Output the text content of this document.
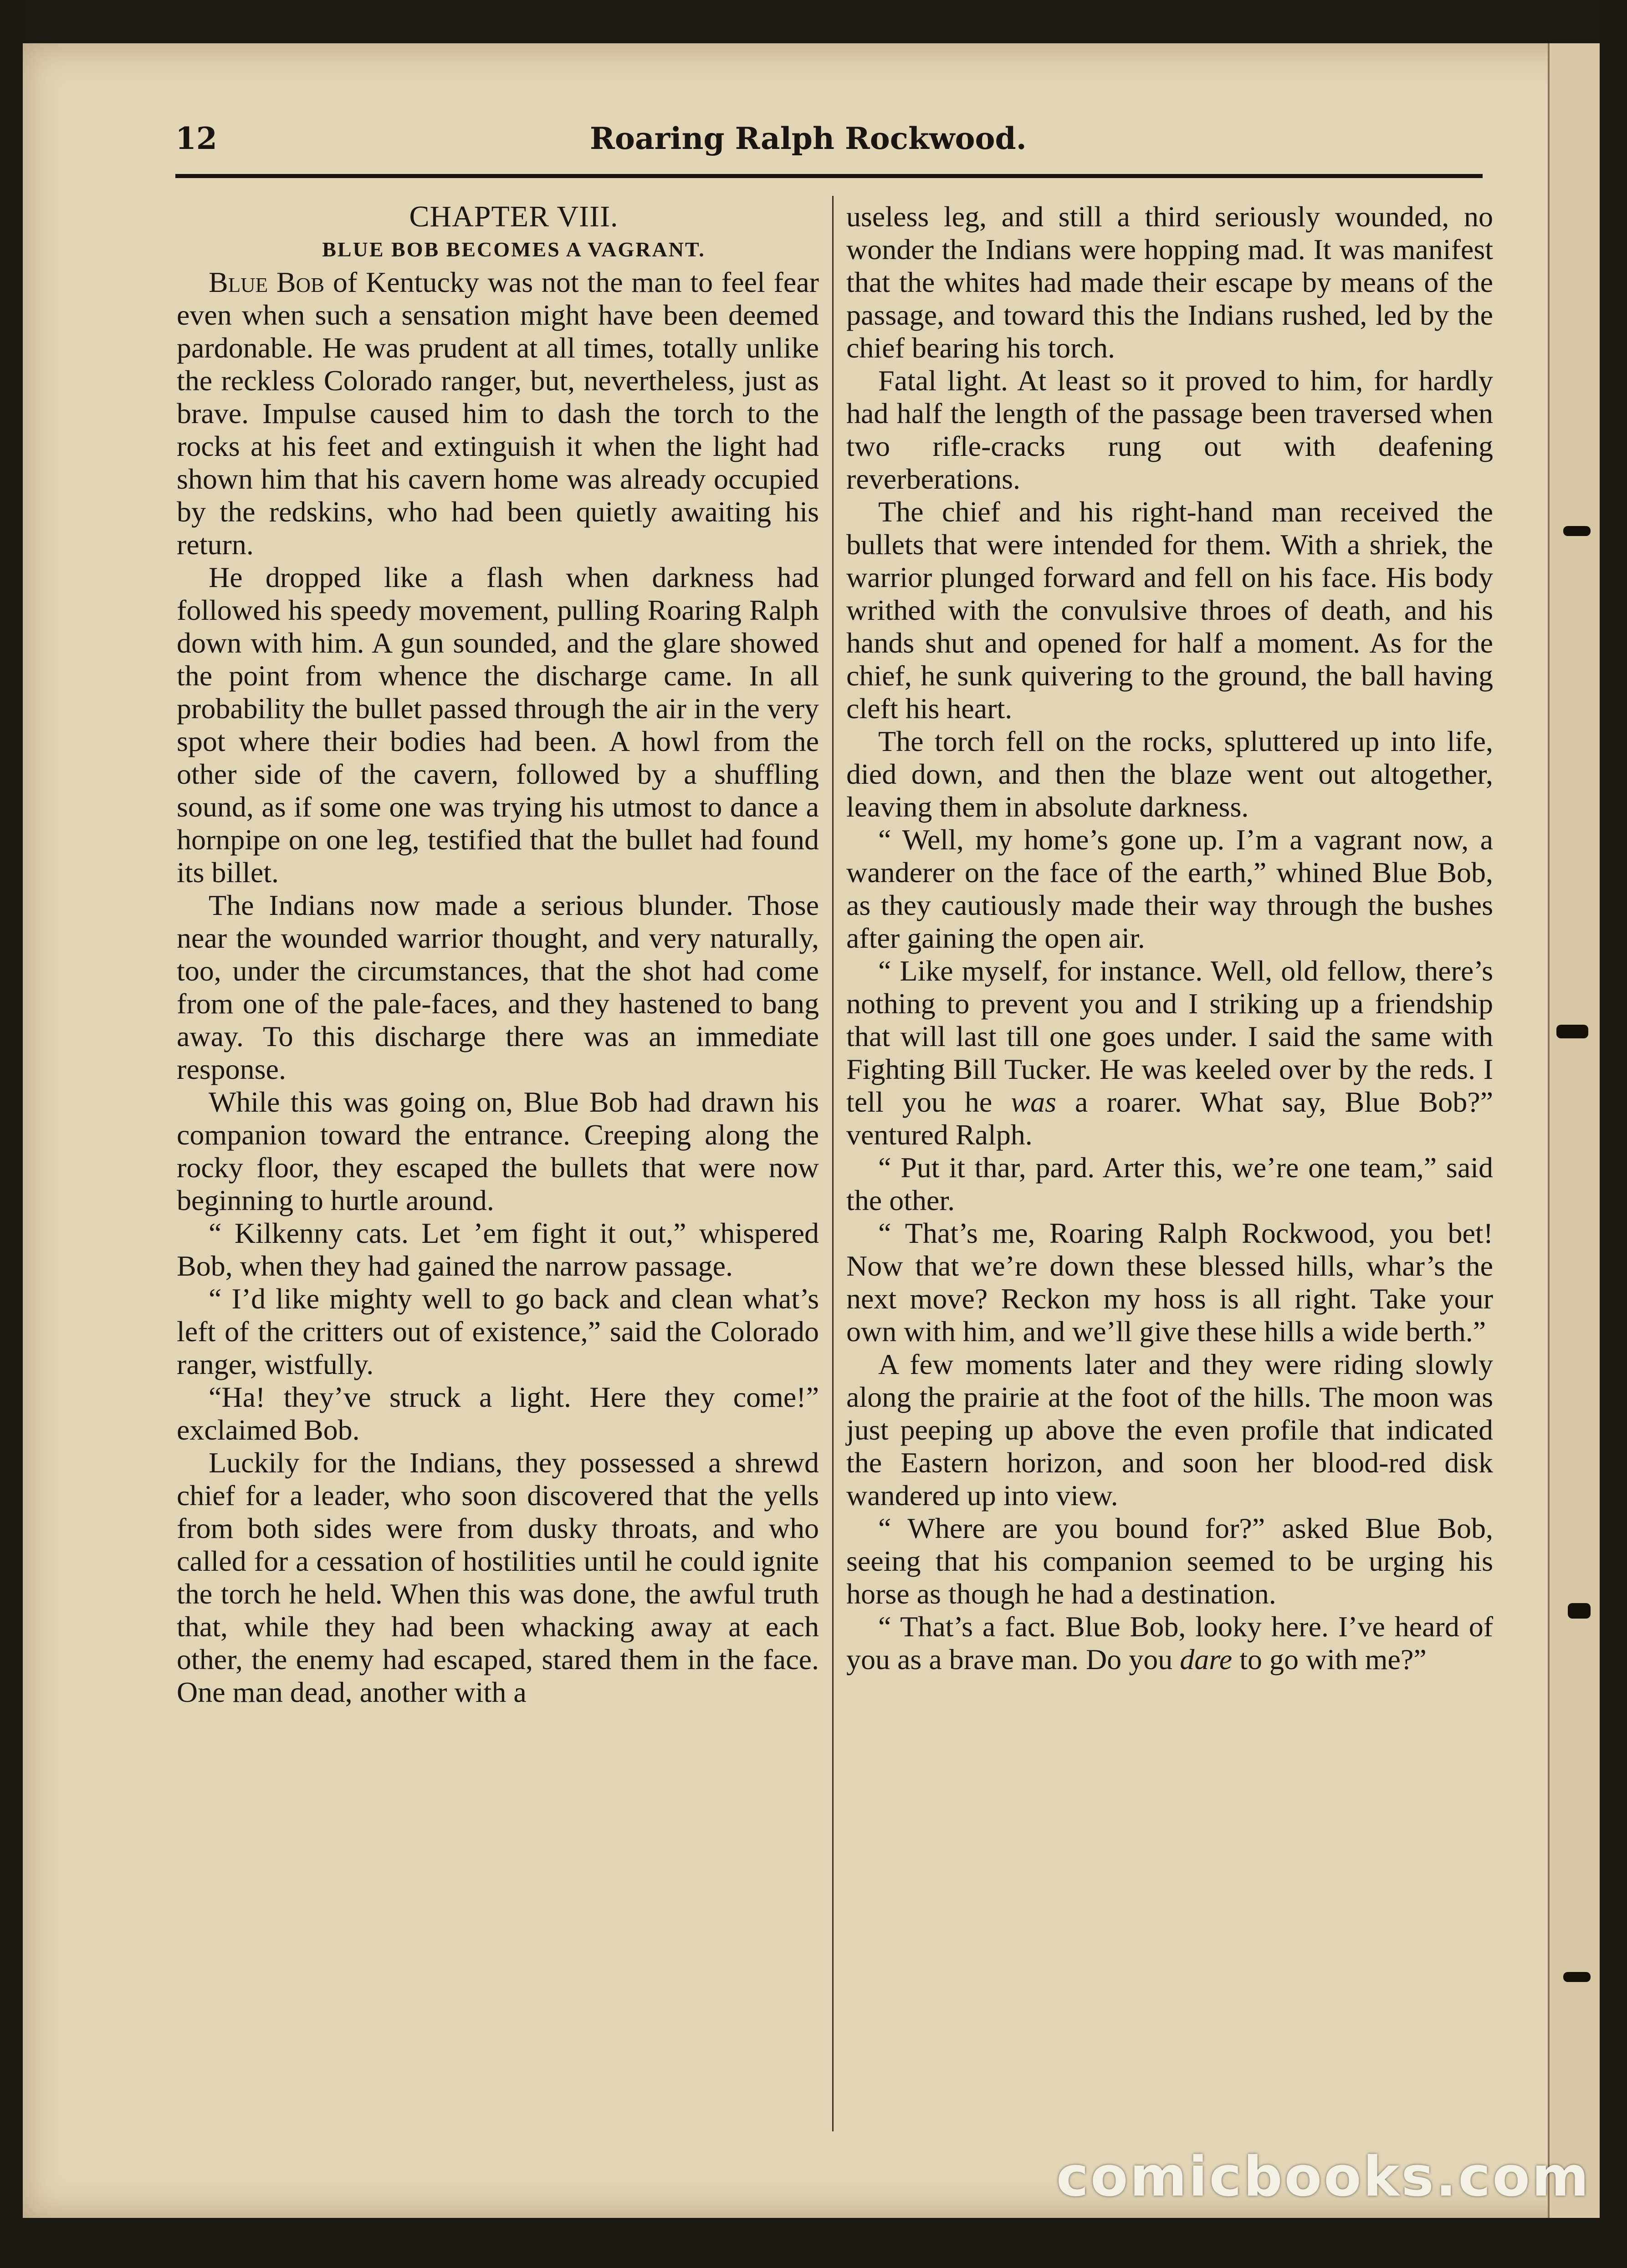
12	Roaring Ralph Rockwood.

CHAPTER VIII.

BLUE BOB BECOMES A VAGRANT.

Blue Bob of Kentucky was not the man to feel fear even when such a sensation might have been deemed pardonable. He was prudent at all times, totally unlike the reckless Colorado ranger, but, nevertheless, just as brave. Impulse caused him to dash the torch to the rocks at his feet and extinguish it when the light had shown him that his cavern home was already occupied by the redskins, who had been quietly awaiting his return.

He dropped like a flash when darkness had followed his speedy movement, pulling Roaring Ralph down with him. A gun sounded, and the glare showed the point from whence the discharge came. In all probability the bullet passed through the air in the very spot where their bodies had been. A howl from the other side of the cavern, followed by a shuffling sound, as if some one was trying his utmost to dance a hornpipe on one leg, testified that the bullet had found its billet.

The Indians now made a serious blunder. Those near the wounded warrior thought, and very naturally, too, under the circumstances, that the shot had come from one of the pale-faces, and they hastened to bang away. To this discharge there was an immediate response.

While this was going on, Blue Bob had drawn his companion toward the entrance. Creeping along the rocky floor, they escaped the bullets that were now beginning to hurtle around.

“ Kilkenny cats. Let ’em fight it out,” whispered Bob, when they had gained the narrow passage.

“ I’d like mighty well to go back and clean what’s left of the critters out of existence,” said the Colorado ranger, wistfully.

“Ha! they’ve struck a light. Here they come!” exclaimed Bob.

Luckily for the Indians, they possessed a shrewd chief for a leader, who soon discovered that the yells from both sides were from dusky throats, and who called for a cessation of hostilities until he could ignite the torch he held. When this was done, the awful truth that, while they had been whacking away at each other, the enemy had escaped, stared them in the face. One man dead, another with a

useless leg, and still a third seriously wounded, no wonder the Indians were hopping mad. It was manifest that the whites had made their escape by means of the passage, and toward this the Indians rushed, led by the chief bearing his torch.

Fatal light. At least so it proved to him, for hardly had half the length of the passage been traversed when two rifle-cracks rung out with deafening reverberations.

The chief and his right-hand man received the bullets that were intended for them. With a shriek, the warrior plunged forward and fell on his face. His body writhed with the convulsive throes of death, and his hands shut and opened for half a moment. As for the chief, he sunk quivering to the ground, the ball having cleft his heart.

The torch fell on the rocks, spluttered up into life, died down, and then the blaze went out altogether, leaving them in absolute darkness.

“ Well, my home’s gone up. I’m a vagrant now, a wanderer on the face of the earth,” whined Blue Bob, as they cautiously made their way through the bushes after gaining the open air.

“ Like myself, for instance. Well, old fellow, there’s nothing to prevent you and I striking up a friendship that will last till one goes under. I said the same with Fighting Bill Tucker. He was keeled over by the reds. I tell you he was a roarer. What say, Blue Bob?” ventured Ralph.

“ Put it thar, pard. Arter this, we’re one team,” said the other.

“ That’s me, Roaring Ralph Rockwood, you bet! Now that we’re down these blessed hills, whar’s the next move? Reckon my hoss is all right. Take your own with him, and we’ll give these hills a wide berth.”

A few moments later and they were riding slowly along the prairie at the foot of the hills. The moon was just peeping up above the even profile that indicated the Eastern horizon, and soon her blood-red disk wandered up into view.

“ Where are you bound for?” asked Blue Bob, seeing that his companion seemed to be urging his horse as though he had a destination.

“ That’s a fact. Blue Bob, looky here. I’ve heard of you as a brave man. Do you dare to go with me?”

comicbooks.com
